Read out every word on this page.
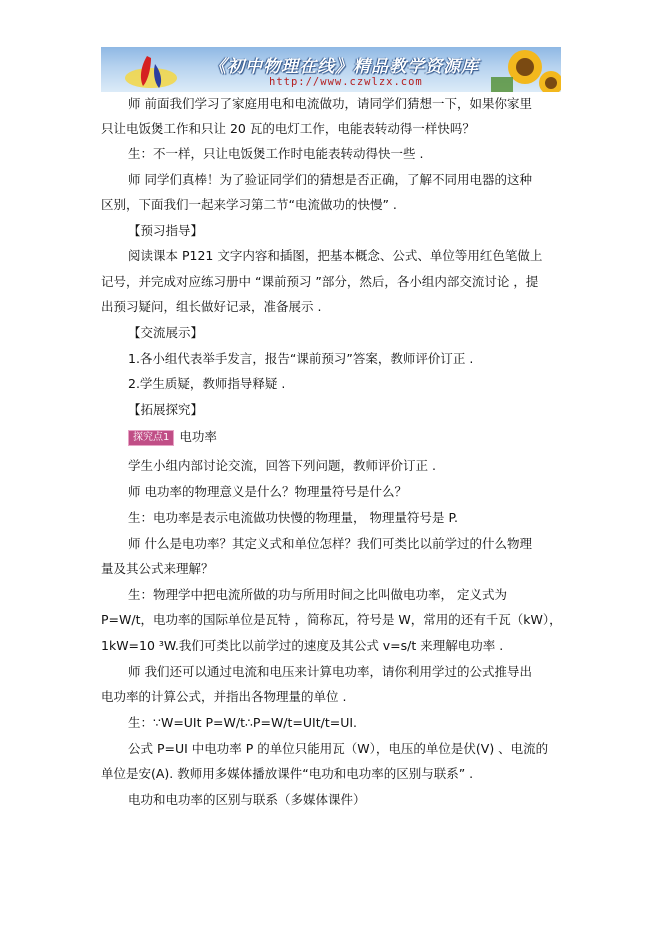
《初中物理在线》精品教学资源库
http://www.czwlzx.com
师 前面我们学习了家庭用电和电流做功，请同学们猜想一下，如果你家里
只让电饭煲工作和只让 20 瓦的电灯工作，电能表转动得一样快吗？
生：不一样，只让电饭煲工作时电能表转动得快一些 .
师 同学们真棒！为了验证同学们的猜想是否正确，了解不同用电器的这种
区别，下面我们一起来学习第二节“电流做功的快慢” .
【预习指导】
阅读课本 P121 文字内容和插图，把基本概念、公式、单位等用红色笔做上
记号，并完成对应练习册中 “课前预习 ”部分，然后，各小组内部交流讨论 ，提
出预习疑问，组长做好记录，准备展示 .
【交流展示】
1.各小组代表举手发言，报告“课前预习”答案，教师评价订正 .
2.学生质疑，教师指导释疑 .
【拓展探究】
探究点1 电功率
学生小组内部讨论交流，回答下列问题，教师评价订正 .
师 电功率的物理意义是什么？物理量符号是什么？
生：电功率是表示电流做功快慢的物理量， 物理量符号是 P.
师 什么是电功率？其定义式和单位怎样？我们可类比以前学过的什么物理
量及其公式来理解？
生：物理学中把电流所做的功与所用时间之比叫做电功率， 定义式为
P=W/t，电功率的国际单位是瓦特 ，简称瓦，符号是 W，常用的还有千瓦（kW），
1kW=10 ³W.我们可类比以前学过的速度及其公式 v=s/t 来理解电功率 .
师 我们还可以通过电流和电压来计算电功率，请你利用学过的公式推导出
电功率的计算公式，并指出各物理量的单位 .
生：∵W=UIt P=W/t∴P=W/t=UIt/t=UI.
公式 P=UI 中电功率 P 的单位只能用瓦（W），电压的单位是伏(V) 、电流的
单位是安(A). 教师用多媒体播放课件“电功和电功率的区别与联系” .
电功和电功率的区别与联系（多媒体课件）
